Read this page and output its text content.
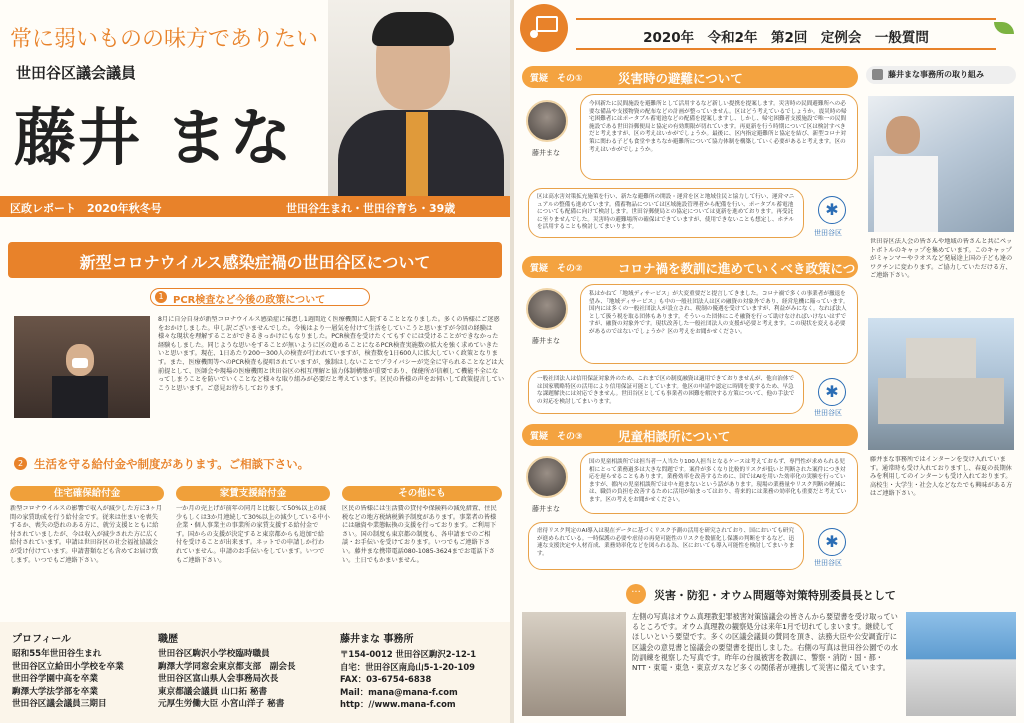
常に弱いものの味方でありたい
世田谷区議会議員
藤井 まな
区政レポート　2020年秋冬号	世田谷生まれ・世田谷育ち・39歳
新型コロナウイルス感染症禍の世田谷区について
1 PCR検査など今後の政策について
8月に自分自身が新型コロナウイルス感染症に罹患し1週間近く医療機関に入院することとなりました。多くの皆様にご迷惑をおかけしました。申し訳ございませんでした。今後はより一層気を付けて生活をしていこうと思いますが今回の経験は様々な現状を理解することができるきっかけにもなりました。PCR検査を受けたくてもすぐには受けることができなかった経験もしました。同じような思いをすることが無いように区の進めることになるPCR検査実施数の拡大を強く求めていきたいと思います。現在、1日あたり200～300人の検査が行われていますが、検査数を1日600人に拡大していく政策となります。また、医療機関等へのPCR検査も提唱されていますが、強制はしないことでプライバシーが完全に守られることなどは大前提として、医師会や現場の医療機関と世田谷区の相互理解と協力体制構築が重要であり、保健所が信頼して機能不全になってしまうことを防いでいくことなど様々な取り組みが必要だと考えています。区民の皆様の声をお伺いして政策提言していこうと思います。ご意見お待ちしております。
2 生活を守る給付金や制度があります。ご相談下さい。
住宅確保給付金
新型コロナウイルスの影響で収入が減少した方に3ヶ月間の家賃助成を行う給付金です。従来は住まいを喪失するか、喪失の恐れのある方に、就労支援とともに給付されていましたが、今は収入が減少された方に広く給付されています。申請は世田谷区の社会福祉協議会が受け付けています。申請書類なども含めてお届け致します。いつでもご連絡下さい。
家賃支援給付金
一か月の売上げが前年の同月と比較して50%以上の減少もしくは3か月連続して30%以上の減少している中小企業・個人事業主の事業所の家賃支援する給付金です。国からの支援が決定すると東京都からも追加で給付を受けることが出来ます。ネットでの申請しか行われていません。申請のお手伝いをしています。いつでもご連絡下さい。
その他にも
区民の皆様には生活費の貸付や保険料の減免措置、住民税などの地方税納税猶予制度があります。事業者の皆様には融資や業態転換の支援を行っております。ご利用下さい。国の制度も東京都の制度も、各申請までのご相談・お手伝いを受けております。いつでもご連絡下さい。藤井まな携帯電話080-1085-3624までお電話下さい。土日でもかまいません。
プロフィール
昭和55年世田谷生まれ
世田谷区立給田小学校を卒業
世田谷学園中高を卒業
駒澤大学法学部を卒業
世田谷区議会議員三期目
職歴
世田谷区駒沢小学校臨時職員
駒澤大学同窓会東京都支部　副会長
世田谷区富山県人会事務局次長
東京都議会議員 山口拓 秘書
元厚生労働大臣 小宮山洋子 秘書
藤井まな 事務所
〒154-0012 世田谷区駒沢2-12-1
自宅：世田谷区南烏山5-1-20-109
FAX：03-6754-6838
Mail：mana@mana-f.com
http：//www.mana-f.com
2020年　令和2年　第2回　定例会　一般質問
質疑　その①	災害時の避難について
藤井まな
今回新たに民間施設を避難所として活用するなど新しい提携を提案します。災害時の民間避難所への必要な備品や支援物資の配布などの計画が整っていません。区はどう考えているでしょうか。震災時の帰宅困難者にはポータブル蓄電池などの配備を提案しますし、しかし、帰宅困難者支援施設で唯一の民間施設である世田谷郵便局と協定の有効期限が切れています。再更新を行う時期について区は検討すべきだと考えますが、区の考えはいかがでしょうか。最後に、区内指定避難所と協定を結び、新型コロナ対策に関わる子ども食堂やまちなか避難所について協力体制を構築していく必要があると考えます。区の考えはいかがでしょうか。
区は高水害対策拡充施策を行い、新たな避難所の開設・運営を区と地域住民と協力して行い、運営マニュアルの整備も進めています。備蓄物品については区域施設管理者から配備を行い、ポータブル蓄電池についても配備に向けて検討します。世田谷郵便局との協定については更新を進めております。再受託に至りませんでした。災害時の避難場所の確保はできていますが、使用できないことも想定し、ホテルを活用することも検討してまいります。
✱
世田谷区
質疑　その②	コロナ禍を教訓に進めていくべき政策につ
藤井まな
私はかねて「地域ディサービス」が大変重要だと提言してきました。コロナ禍で多くの事業者が撤退を望み、「地域ディサービス」も中の一般社団法人は区の融資の対象外であり、経営危機に陥っています。国内には多くの一般社団法人が設立され、税制の優遇を受けていますが、利益がみになく。なれば法人として扱う税を取る団体もあります。そういった団体にこそ融資を行って助けなければいけないはずですが、融資の対象外です。現状改善した一般社団法人の支援が必要と考えます。この現状を変える必要があるのではないでしょうか？区の考えをお聞かせください。
一般社団法人は信用保証対象外のため、これまで区の制度融資は適用できておりませんが、他自治体では国家戦略特区の活用により信用保証可能としています。他区の申請や認定に時間を要するため、早急な課題解決には対応できません。世田谷区としても事業者の困難を解決する方策について、他の手法での対応を検討してまいります。
✱
世田谷区
質疑　その③	児童相談所について
藤井まな
国の児童相談所では担当者一人当たり100人担当となるケースは考えておらず、専門性が求められる児相にとって業務過多は大きな問題です。案件が多くなり比較的リスクが低いと判断された案件につき対応を遅らせることもあります。業務効率を改善するために、国ではAIを用いた効率化の実験を行っていますが、都内の児童相談所では中々進まないという話があります。現場の業務量やリスク判断の軽減には、職員の負担を改善するために活用が始まってはおり、将来的には業務の効率化も重要だと考えています。区の考えをお聞かせください。
虐待リスク判定のAI導入は現在データに基づくリスク予測の活用を研究されており、国においても研究が進められている。一時保護の必要や虐待の再発可能性のリスクを数値化し保護の判断をするなど、迅速な支援決定や人材育成、業務効率化などを図られる為、区においても導入可能性を検討してまいります。
✱
世田谷区
藤井まな事務所の取り組み
世田谷区法人会の皆さんや地域の皆さんと共にペットボトルのキャップを集めています。このキャップがミャンマーやラオスなど発展途上国の子ども達のワクチンに変わります。ご協力していただける方、ご連絡下さい。
藤井まな事務所ではインターンを受け入れています。通常時も受け入れておりますし、春夏の長期休みを利用してのインターンも受け入れております。高校生・大学生・社会人などなたでも興味がある方はご連絡下さい。
···	災害・防犯・オウム問題等対策特別委員長として
左側の写真はオウム真理教犯罪被害対策協議会の皆さんから要望書を受け取っているところです。オウム真理教の観察処分は来年1月で切れてしまいます。継続してほしいという要望です。多くの区議会議員の賛同を頂き、法務大臣や公安調査庁に区議会の意見書と協議会の要望書を提出しました。右側の写真は世田谷公園での水防訓練を視察した写真です。昨年の台風被害を教訓に、警察・消防・国・都・NTT・東電・東急・東京ガスなど多くの関係者が連携して災害に備えています。
